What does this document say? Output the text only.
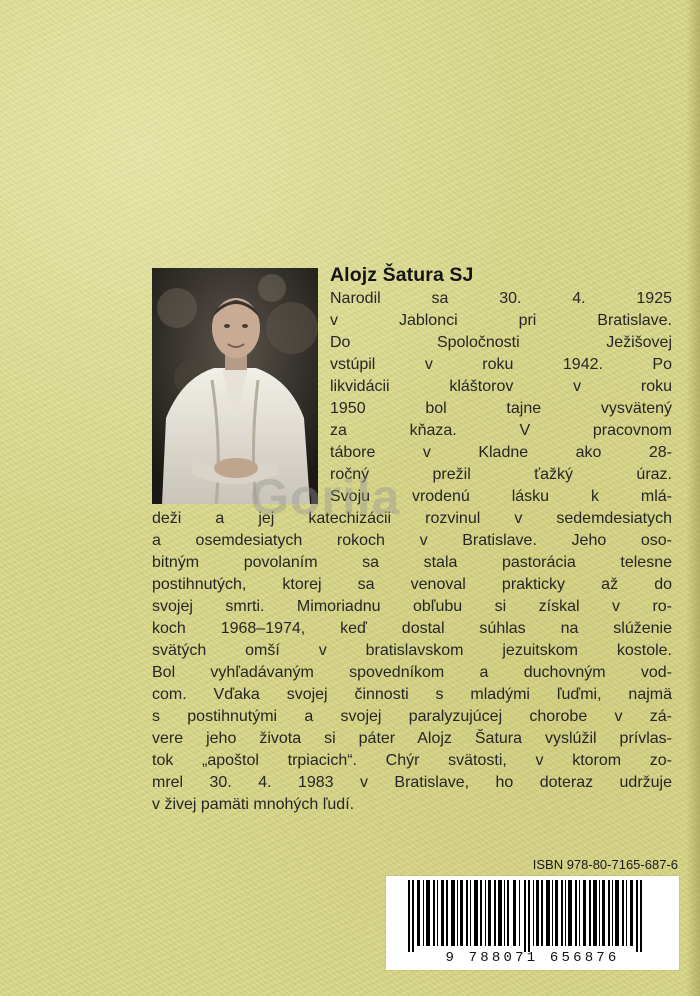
Alojz Šatura SJ

Narodil sa 30. 4. 1925

v Jablonci pri Bratislave.

Do Spoločnosti Ježišovej

vstúpil v roku 1942. Po

likvidácii kláštorov v roku

1950 bol tajne vysvätený

za kňaza. V pracovnom

tábore v Kladne ako 28-

ročný prežil ťažký úraz.

Svoju vrodenú lásku k mlá-

deži a jej katechizácii rozvinul v sedemdesiatych

a osemdesiatych rokoch v Bratislave. Jeho oso-

bitným povolaním sa stala pastorácia telesne

postihnutých, ktorej sa venoval prakticky až do

svojej smrti. Mimoriadnu obľubu si získal v ro-

koch 1968–1974, keď dostal súhlas na slúženie

svätých omší v bratislavskom jezuitskom kostole.

Bol vyhľadávaným spovedníkom a duchovným vod-

com. Vďaka svojej činnosti s mladými ľuďmi, najmä

s postihnutými a svojej paralyzujúcej chorobe v zá-

vere jeho života si páter Alojz Šatura vyslúžil prívlas-

tok „apoštol trpiacich“. Chýr svätosti, v ktorom zo-

mrel 30. 4. 1983 v Bratislave, ho doteraz udržuje

v živej pamäti mnohých ľudí.

Gorila
ISBN 978-80-7165-687-6
9 788071 656876
